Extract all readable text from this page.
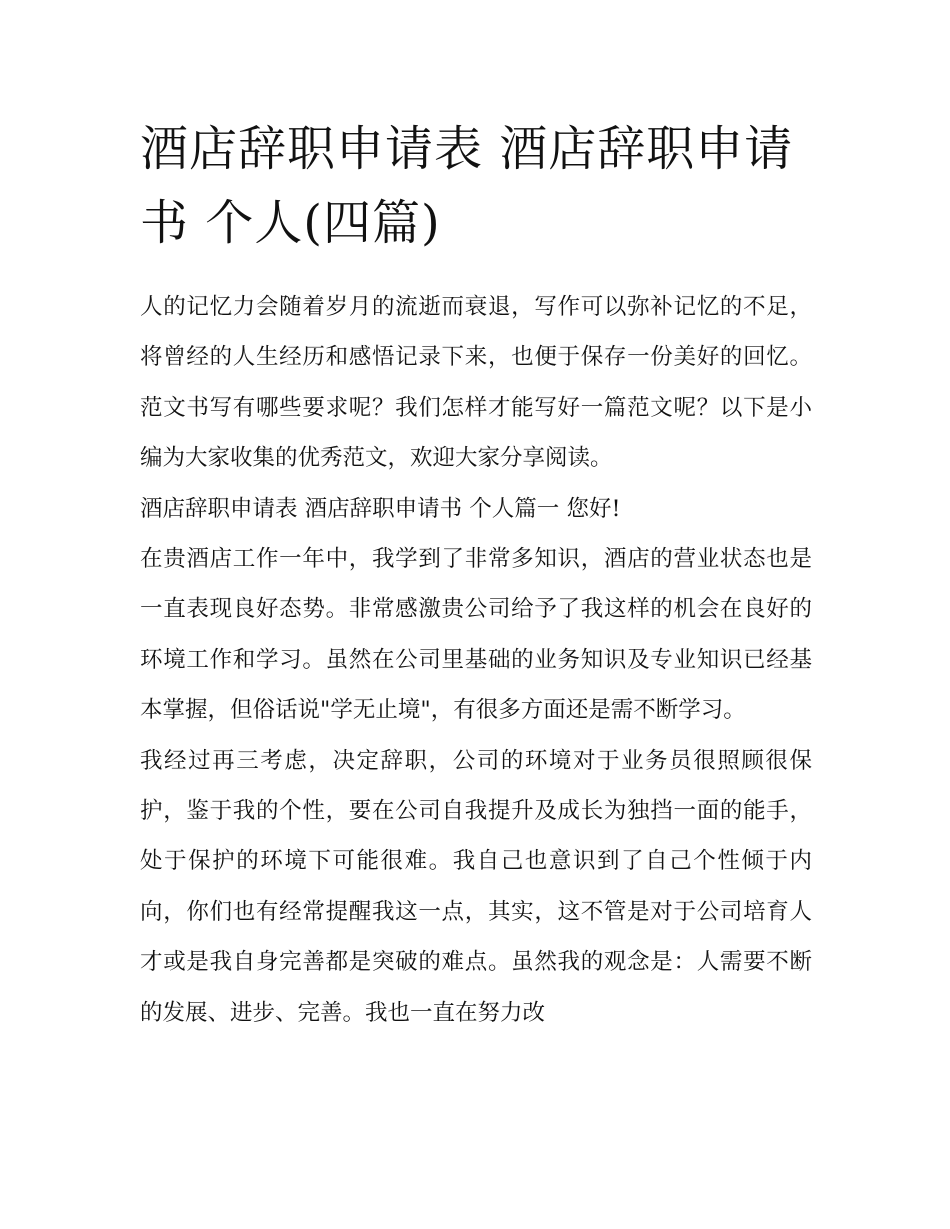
酒店辞职申请表 酒店辞职申请书 个人(四篇)

人的记忆力会随着岁月的流逝而衰退，写作可以弥补记忆的不足，将曾经的人生经历和感悟记录下来，也便于保存一份美好的回忆。范文书写有哪些要求呢？我们怎样才能写好一篇范文呢？以下是小编为大家收集的优秀范文，欢迎大家分享阅读。

酒店辞职申请表 酒店辞职申请书 个人篇一 您好!

在贵酒店工作一年中，我学到了非常多知识，酒店的营业状态也是一直表现良好态势。非常感激贵公司给予了我这样的机会在良好的环境工作和学习。虽然在公司里基础的业务知识及专业知识已经基本掌握，但俗话说"学无止境"，有很多方面还是需不断学习。

我经过再三考虑，决定辞职，公司的环境对于业务员很照顾很保护，鉴于我的个性，要在公司自我提升及成长为独挡一面的能手，处于保护的环境下可能很难。我自己也意识到了自己个性倾于内向，你们也有经常提醒我这一点，其实，这不管是对于公司培育人才或是我自身完善都是突破的难点。虽然我的观念是：人需要不断的发展、进步、完善。我也一直在努力改
